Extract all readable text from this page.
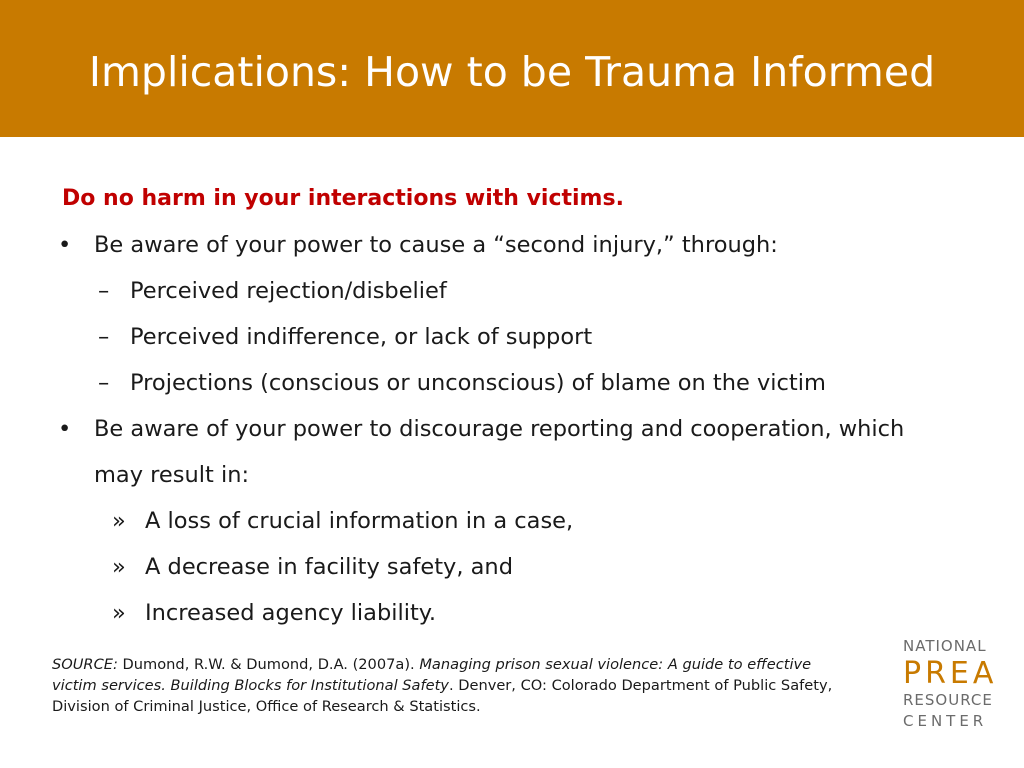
Implications: How to be Trauma Informed
Do no harm in your interactions with victims.
• Be aware of your power to cause a “second injury,” through:
– Perceived rejection/disbelief
– Perceived indifference, or lack of support
– Projections (conscious or unconscious) of blame on the victim
• Be aware of your power to discourage reporting and cooperation, which
may result in:
» A loss of crucial information in a case,
» A decrease in facility safety, and
» Increased agency liability.
SOURCE: Dumond, R.W. & Dumond, D.A. (2007a). Managing prison sexual violence: A guide to effective
victim services. Building Blocks for Institutional Safety. Denver, CO: Colorado Department of Public Safety,
Division of Criminal Justice, Office of Research & Statistics.
NATIONAL
PREA
RESOURCE
CENTER
